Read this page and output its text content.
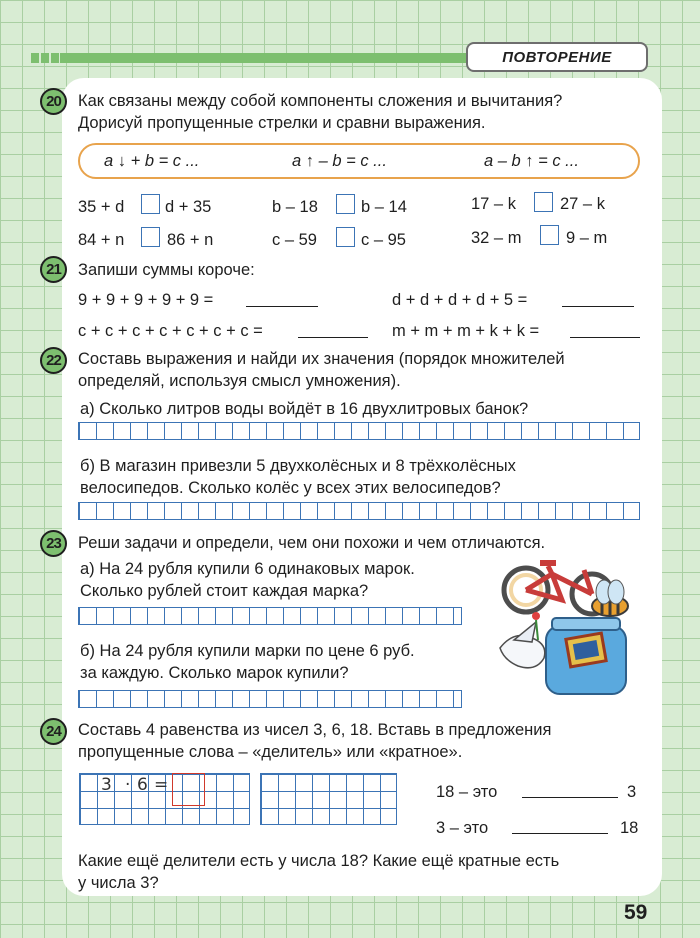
ПОВТОРЕНИЕ
20	Как связаны между собой компоненты сложения и вычитания?
Дорисуй пропущенные стрелки и сравни выражения.
a ↓ + b = c ...	a ↑ – b = c ...	a – b ↑ = c ...
35 + d d + 35	b – 18	b – 14	17 – k	27 – k
84 + n	86 + n	c – 59	c – 95	32 – m	9 – m
21	Запиши суммы короче:
9 + 9 + 9 + 9 + 9 =	d + d + d + d + 5 =
c + c + c + c + c + c + c =	m + m + m + k + k =
22	Составь выражения и найди их значения (порядок множителей
определяй, используя смысл умножения).
а) Сколько литров воды войдёт в 16 двухлитровых банок?
б) В магазин привезли 5 двухколёсных и 8 трёхколёсных
велосипедов. Сколько колёс у всех этих велосипедов?
23	Реши задачи и определи, чем они похожи и чем отличаются.
а) На 24 рубля купили 6 одинаковых марок.
Сколько рублей стоит каждая марка?
б) На 24 рубля купили марки по цене 6 руб.
за каждую. Сколько марок купили?
24	Составь 4 равенства из чисел 3, 6, 18. Вставь в предложения
пропущенные слова – «делитель» или «кратное».
3 · 6 =	18 – это	3
3 – это	18
Какие ещё делители есть у числа 18? Какие ещё кратные есть
у числа 3?
59
